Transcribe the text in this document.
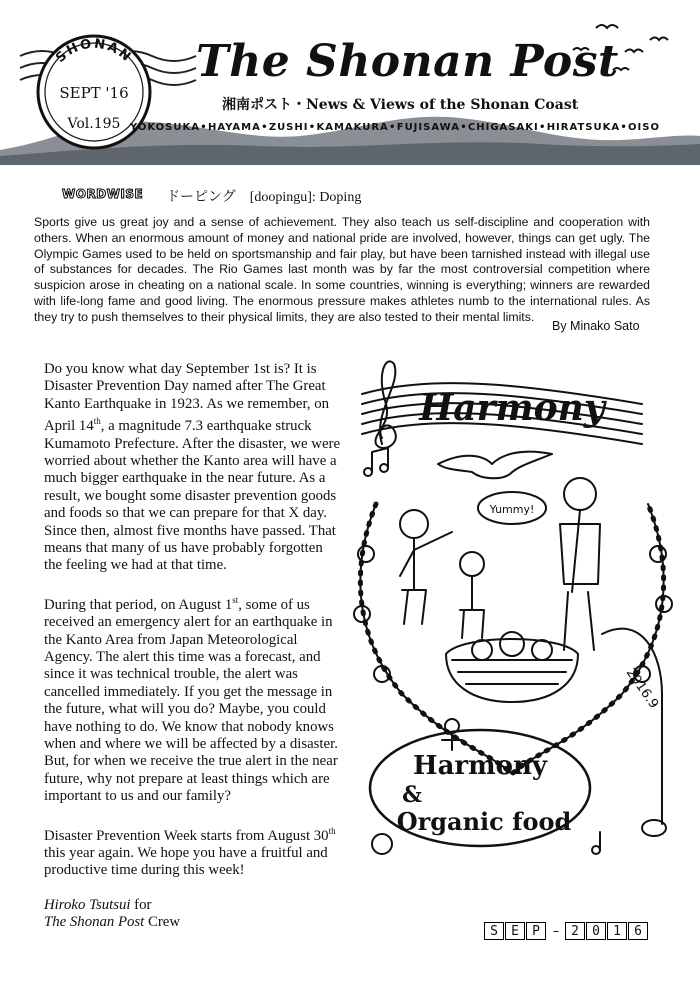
SHONAN
SEPT '16
Vol.195
The Shonan Post
湘南ポスト・News & Views of the Shonan Coast
YOKOSUKA • HAYAMA • ZUSHI • KAMAKURA • FUJISAWA • CHIGASAKI • HIRATSUKA • OISO
WORDWISE ドーピング　[doopingu]: Doping

Sports give us great joy and a sense of achievement. They also teach us self-discipline and cooperation with others. When an enormous amount of money and national pride are involved, however, things can get ugly. The Olympic Games used to be held on sportsmanship and fair play, but have been tarnished instead with illegal use of substances for decades. The Rio Games last month was by far the most controversial competition where suspicion arose in cheating on a national scale. In some countries, winning is everything; winners are rewarded with life-long fame and good living. The enormous pressure makes athletes numb to the international rules. As they try to push themselves to their physical limits, they are also tested to their mental limits.

By Minako Sato

Do you know what day September 1st is? It is Disaster Prevention Day named after The Great Kanto Earthquake in 1923. As we remember, on April 14th, a magnitude 7.3 earthquake struck Kumamoto Prefecture. After the disaster, we were worried about whether the Kanto area will have a much bigger earthquake in the near future. As a result, we bought some disaster prevention goods and foods so that we can prepare for that X day. Since then, almost five months have passed. That means that many of us have probably forgotten the feeling we had at that time.

During that period, on August 1st, some of us received an emergency alert for an earthquake in the Kanto Area from Japan Meteorological Agency. The alert this time was a forecast, and since it was technical trouble, the alert was cancelled immediately. If you get the message in the future, what will you do? Maybe, you could have nothing to do. We know that nobody knows when and where we will be affected by a disaster. But, for when we receive the true alert in the near future, why not prepare at least things which are important to us and our family?

Disaster Prevention Week starts from August 30th this year again. We hope you have a fruitful and productive time during this week!

Hiroko Tsutsui for
The Shonan Post Crew

Harmony
Yummy!
2016.9
Harmony
&
Organic food
S	E	P – 2	0	1	6
